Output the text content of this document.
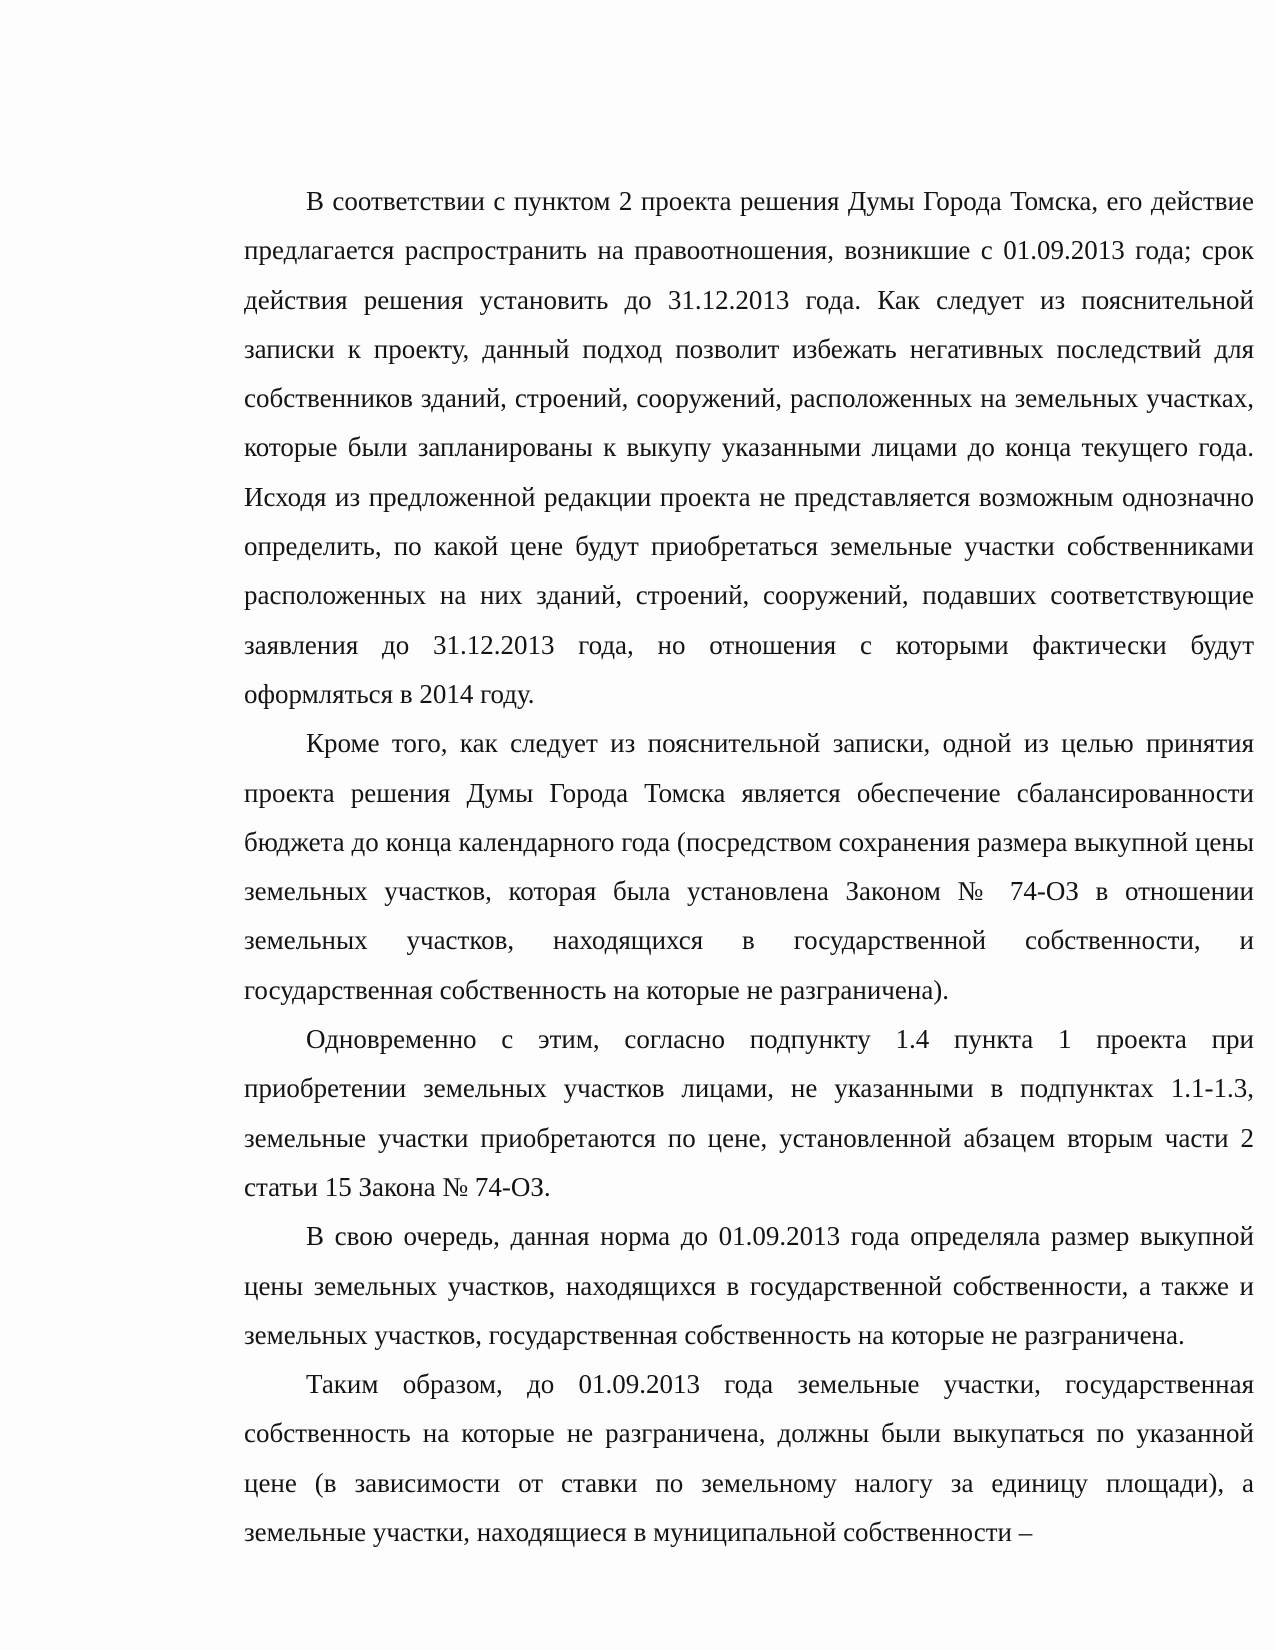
В соответствии с пунктом 2 проекта решения Думы Города Томска, его действие предлагается распространить на правоотношения, возникшие с 01.09.2013 года; срок действия решения установить до 31.12.2013 года. Как следует из пояснительной записки к проекту, данный подход позволит избежать негативных последствий для собственников зданий, строений, сооружений, расположенных на земельных участках, которые были запланированы к выкупу указанными лицами до конца текущего года. Исходя из предложенной редакции проекта не представляется возможным однозначно определить, по какой цене будут приобретаться земельные участки собственниками расположенных на них зданий, строений, сооружений, подавших соответствующие заявления до 31.12.2013 года, но отношения с которыми фактически будут оформляться в 2014 году.

Кроме того, как следует из пояснительной записки, одной из целью принятия проекта решения Думы Города Томска является обеспечение сбалансированности бюджета до конца календарного года (посредством сохранения размера выкупной цены земельных участков, которая была установлена Законом № 74-ОЗ в отношении земельных участков, находящихся в государственной собственности, и государственная собственность на которые не разграничена).

Одновременно с этим, согласно подпункту 1.4 пункта 1 проекта при приобретении земельных участков лицами, не указанными в подпунктах 1.1-1.3, земельные участки приобретаются по цене, установленной абзацем вторым части 2 статьи 15 Закона № 74-ОЗ.

В свою очередь, данная норма до 01.09.2013 года определяла размер выкупной цены земельных участков, находящихся в государственной собственности, а также и земельных участков, государственная собственность на которые не разграничена.

Таким образом, до 01.09.2013 года земельные участки, государственная собственность на которые не разграничена, должны были выкупаться по указанной цене (в зависимости от ставки по земельному налогу за единицу площади), а земельные участки, находящиеся в муниципальной собственности –
